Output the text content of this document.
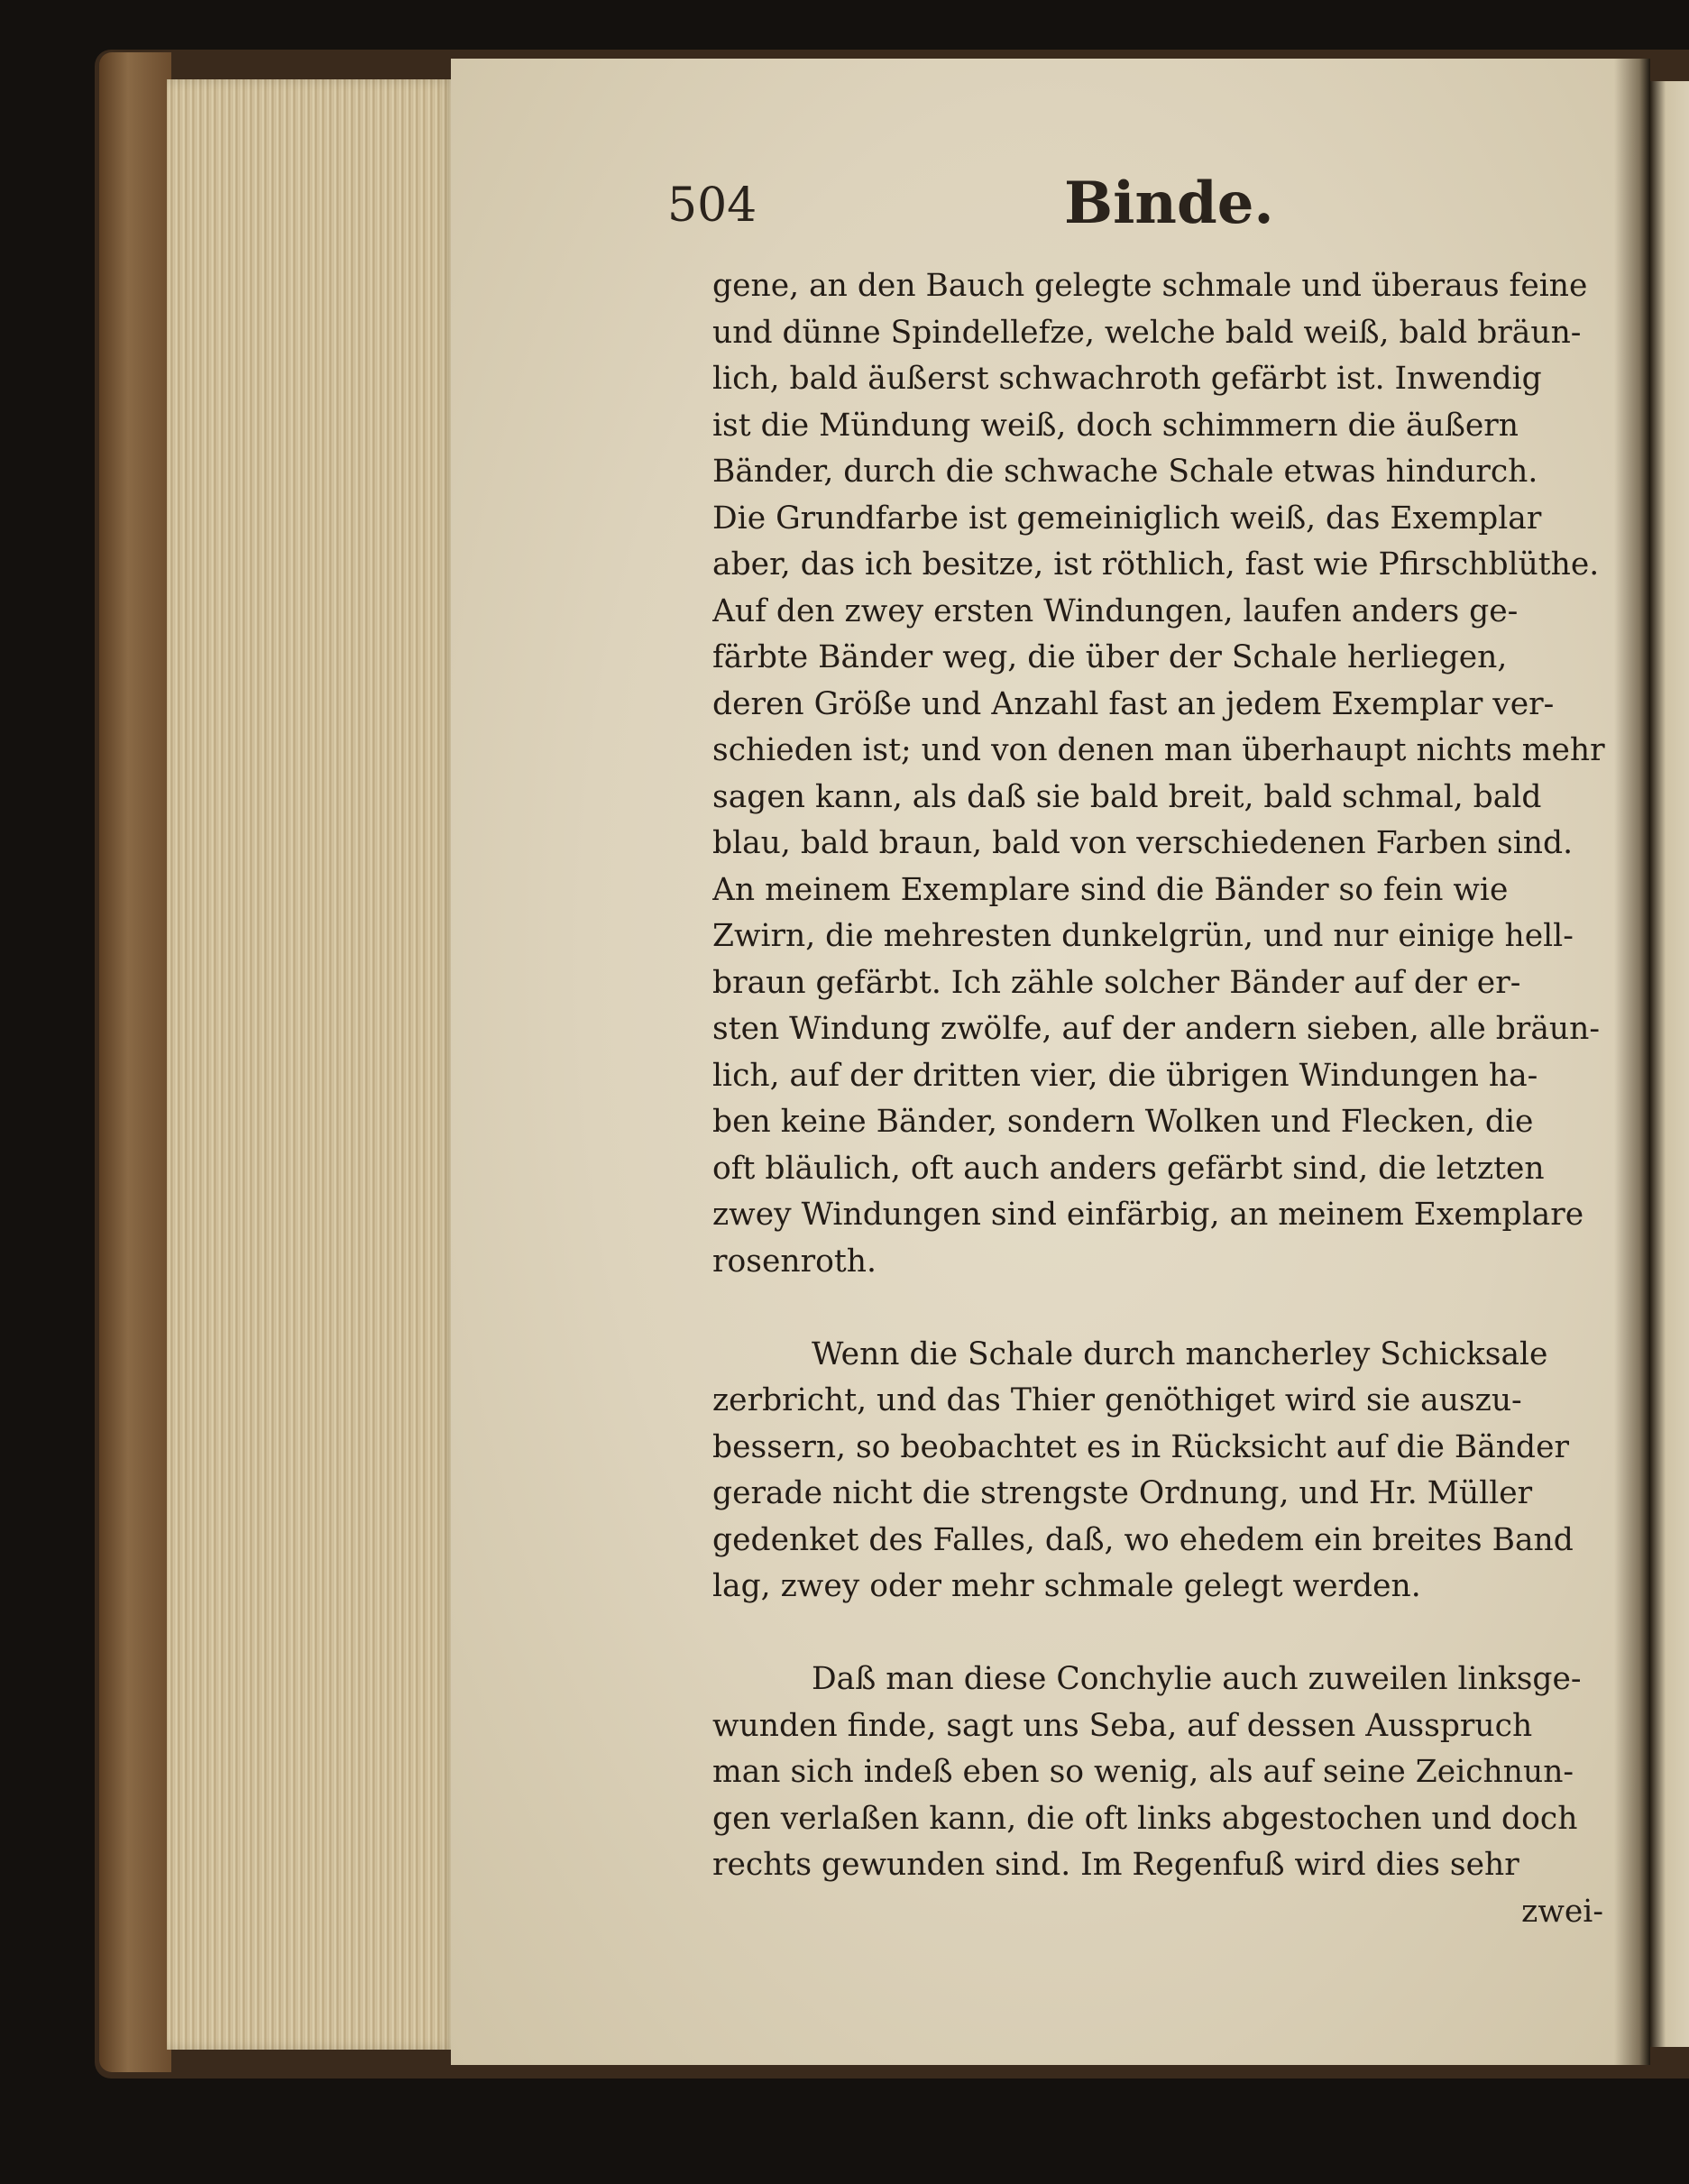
504	Binde.
gene, an den Bauch gelegte schmale und überaus feine
und dünne Spindellefze, welche bald weiß, bald bräun-
lich, bald äußerst schwachroth gefärbt ist. Inwendig
ist die Mündung weiß, doch schimmern die äußern
Bänder, durch die schwache Schale etwas hindurch.
Die Grundfarbe ist gemeiniglich weiß, das Exemplar
aber, das ich besitze, ist röthlich, fast wie Pfirschblüthe.
Auf den zwey ersten Windungen, laufen anders ge-
färbte Bänder weg, die über der Schale herliegen,
deren Größe und Anzahl fast an jedem Exemplar ver-
schieden ist; und von denen man überhaupt nichts mehr
sagen kann, als daß sie bald breit, bald schmal, bald
blau, bald braun, bald von verschiedenen Farben sind.
An meinem Exemplare sind die Bänder so fein wie
Zwirn, die mehresten dunkelgrün, und nur einige hell-
braun gefärbt. Ich zähle solcher Bänder auf der er-
sten Windung zwölfe, auf der andern sieben, alle bräun-
lich, auf der dritten vier, die übrigen Windungen ha-
ben keine Bänder, sondern Wolken und Flecken, die
oft bläulich, oft auch anders gefärbt sind, die letzten
zwey Windungen sind einfärbig, an meinem Exemplare
rosenroth.
Wenn die Schale durch mancherley Schicksale
zerbricht, und das Thier genöthiget wird sie auszu-
bessern, so beobachtet es in Rücksicht auf die Bänder
gerade nicht die strengste Ordnung, und Hr. Müller
gedenket des Falles, daß, wo ehedem ein breites Band
lag, zwey oder mehr schmale gelegt werden.
Daß man diese Conchylie auch zuweilen linksge-
wunden finde, sagt uns Seba, auf dessen Ausspruch
man sich indeß eben so wenig, als auf seine Zeichnun-
gen verlaßen kann, die oft links abgestochen und doch
rechts gewunden sind. Im Regenfuß wird dies sehr
zwei-
